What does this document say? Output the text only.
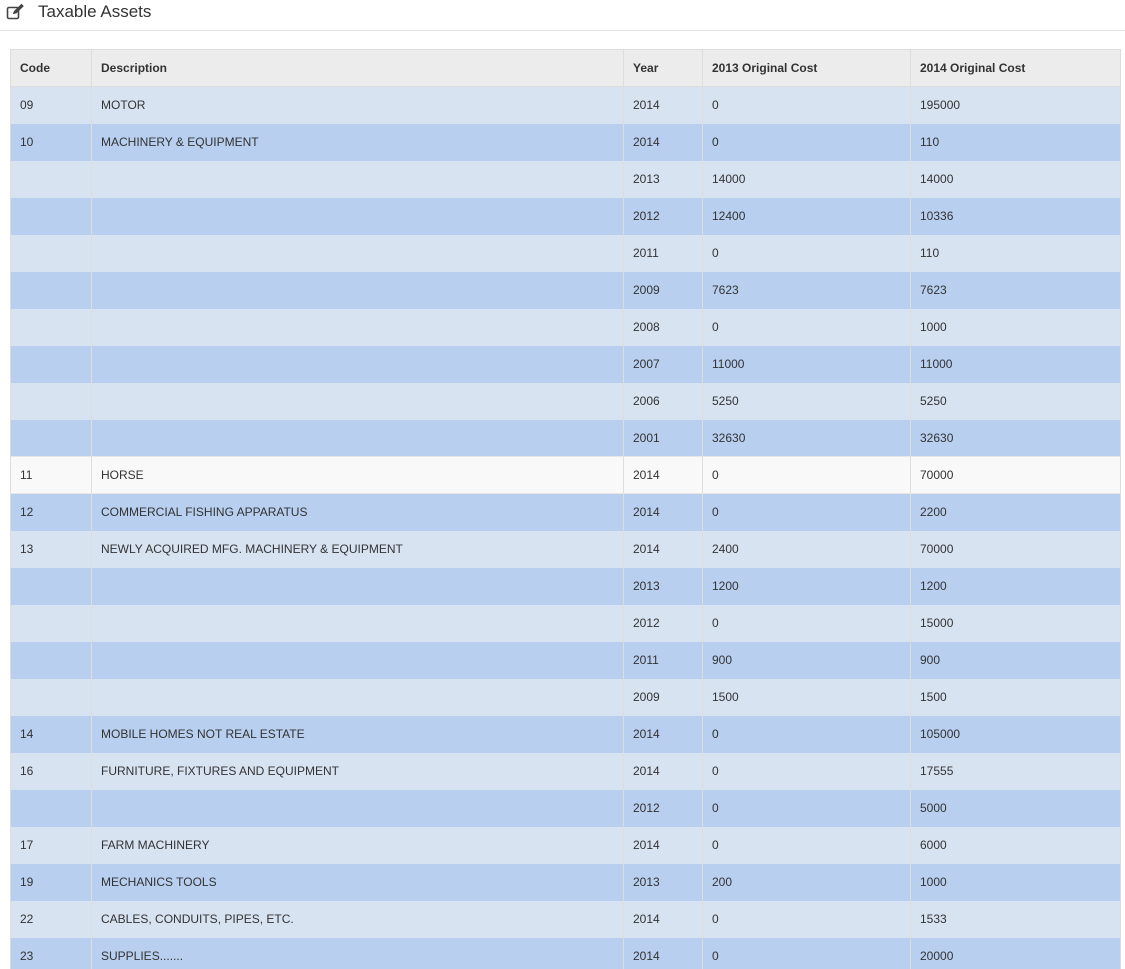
Taxable Assets
Code	Description	Year	2013 Original Cost	2014 Original Cost
09	MOTOR	2014	0	195000
10	MACHINERY & EQUIPMENT	2014	0	110
		2013	14000	14000
		2012	12400	10336
		2011	0	110
		2009	7623	7623
		2008	0	1000
		2007	11000	11000
		2006	5250	5250
		2001	32630	32630
11	HORSE	2014	0	70000
12	COMMERCIAL FISHING APPARATUS	2014	0	2200
13	NEWLY ACQUIRED MFG. MACHINERY & EQUIPMENT	2014	2400	70000
		2013	1200	1200
		2012	0	15000
		2011	900	900
		2009	1500	1500
14	MOBILE HOMES NOT REAL ESTATE	2014	0	105000
16	FURNITURE, FIXTURES AND EQUIPMENT	2014	0	17555
		2012	0	5000
17	FARM MACHINERY	2014	0	6000
19	MECHANICS TOOLS	2013	200	1000
22	CABLES, CONDUITS, PIPES, ETC.	2014	0	1533
23	SUPPLIES.......	2014	0	20000
